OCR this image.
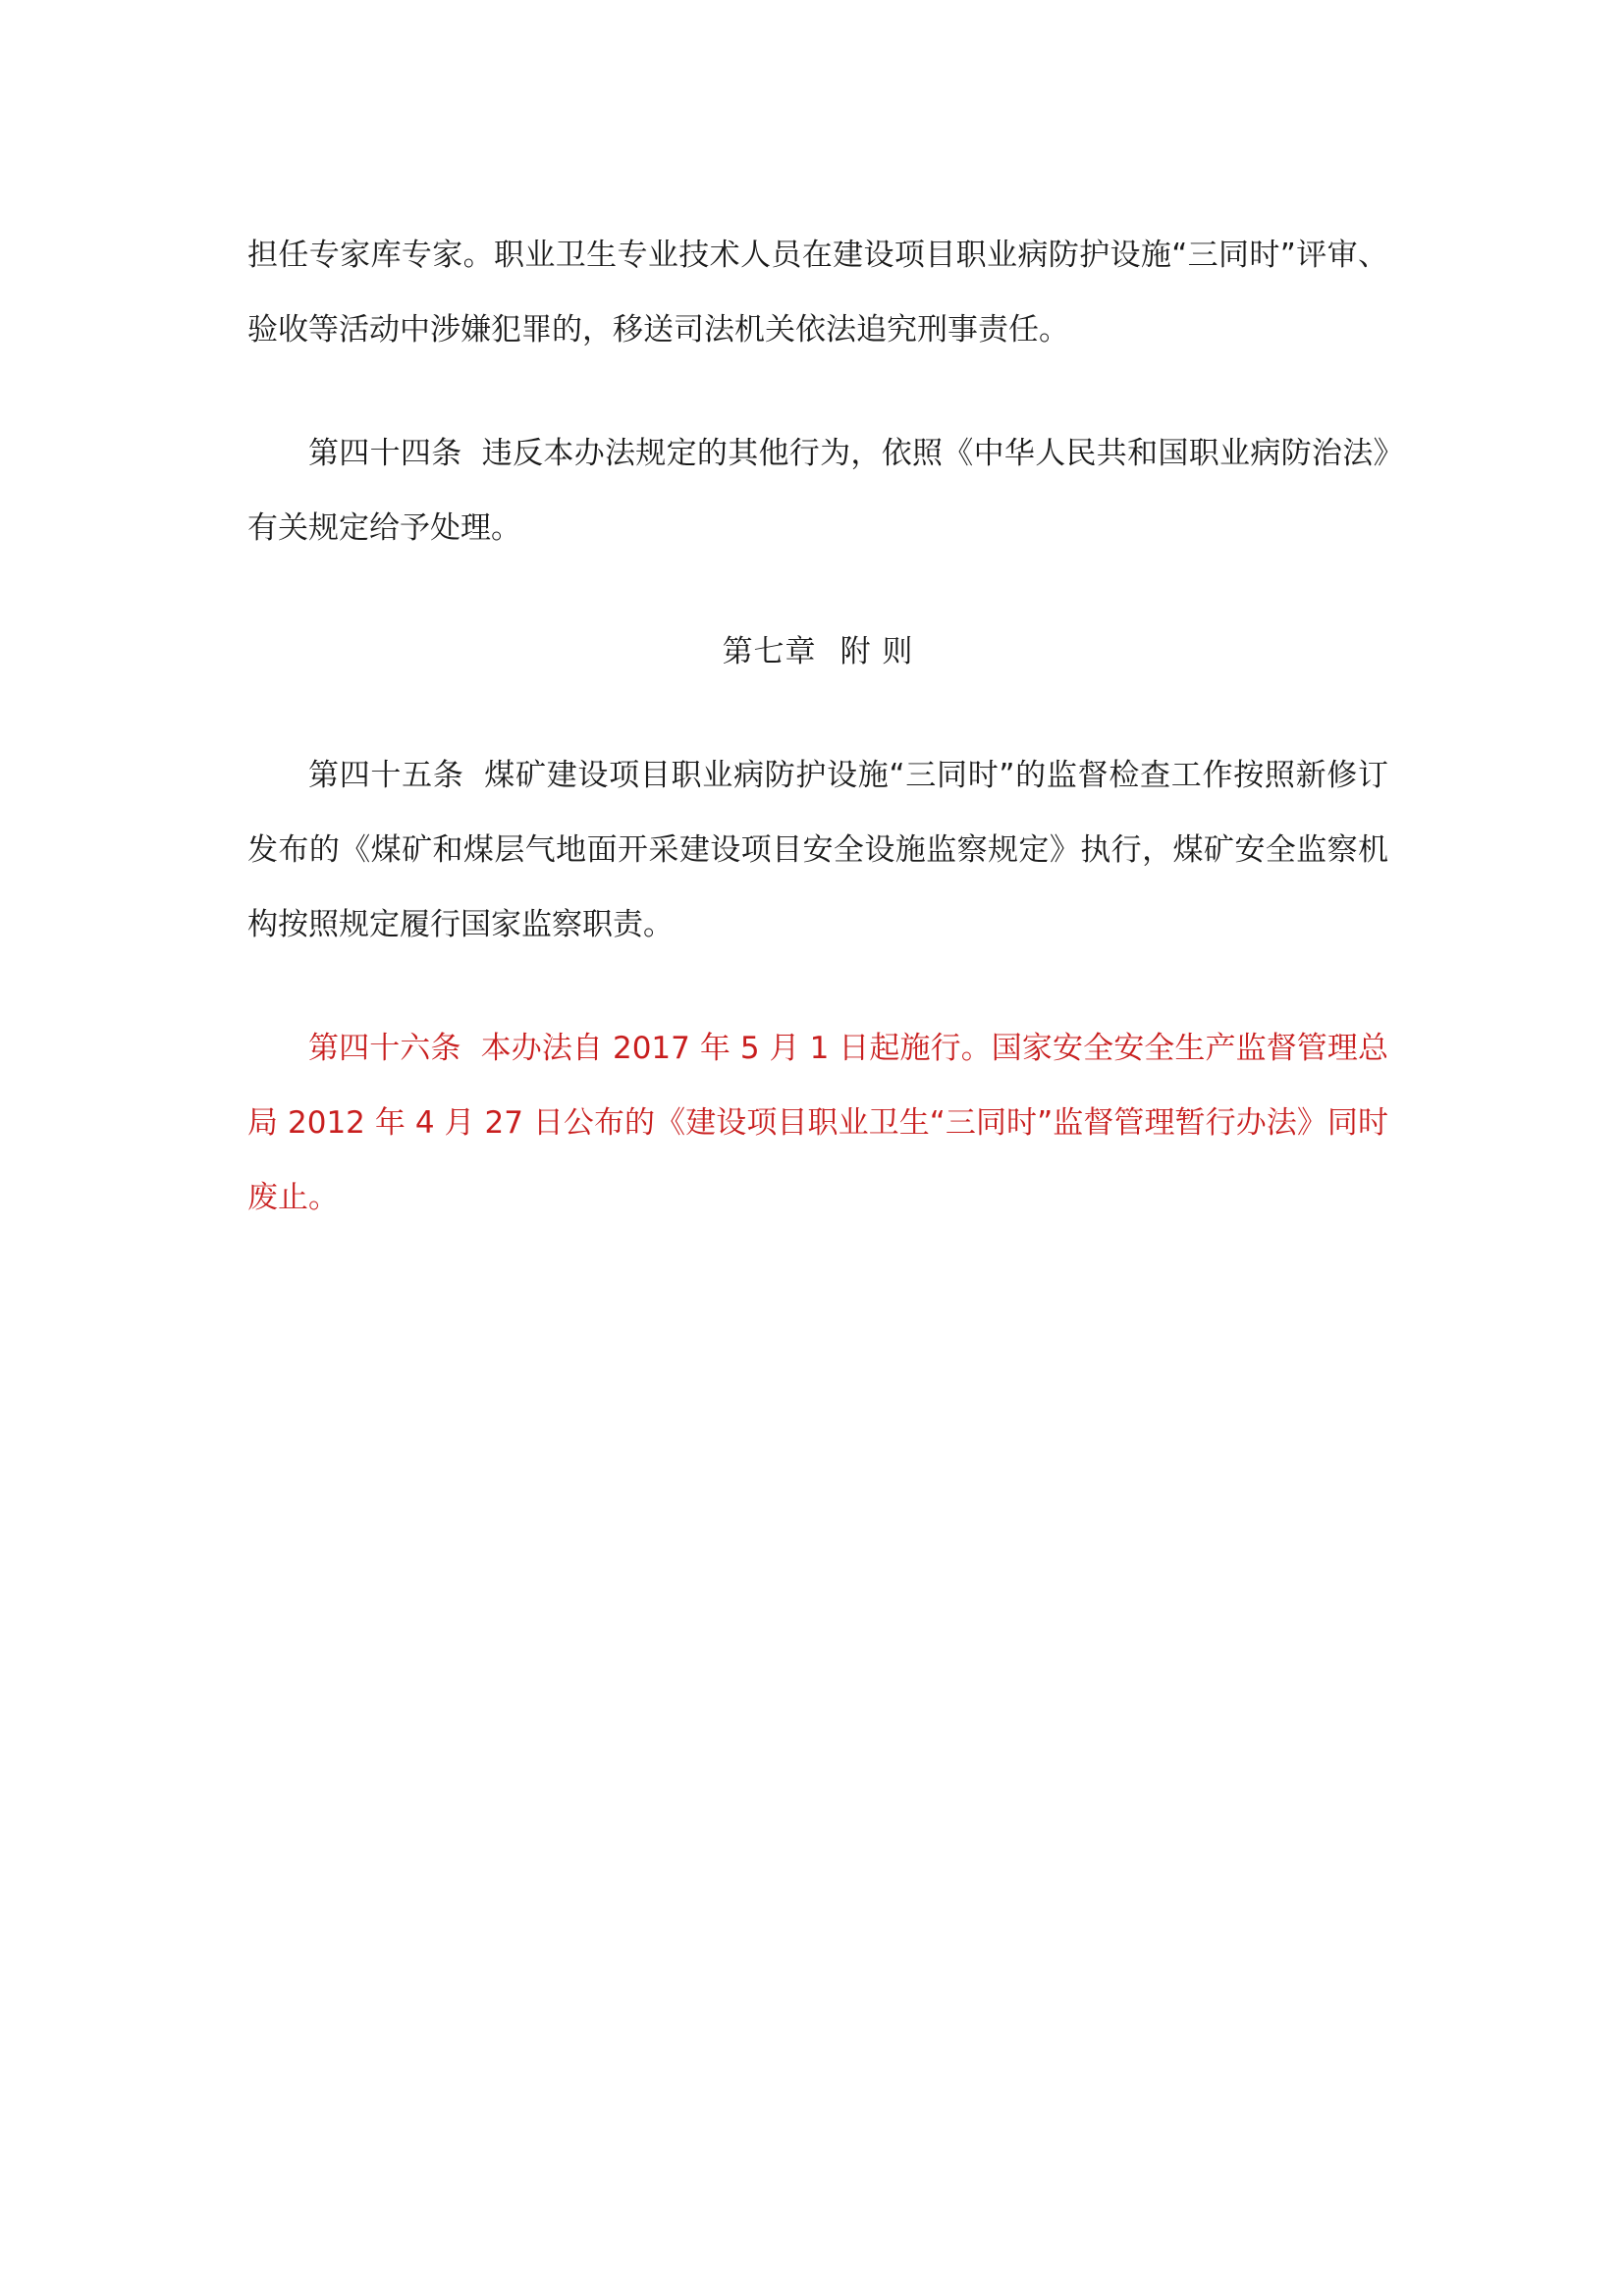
担任专家库专家。职业卫生专业技术人员在建设项目职业病防护设施“三同时”评审、验收等活动中涉嫌犯罪的，移送司法机关依法追究刑事责任。

第四十四条 违反本办法规定的其他行为，依照《中华人民共和国职业病防治法》有关规定给予处理。

第七章 附 则

第四十五条 煤矿建设项目职业病防护设施“三同时”的监督检查工作按照新修订发布的《煤矿和煤层气地面开采建设项目安全设施监察规定》执行，煤矿安全监察机构按照规定履行国家监察职责。

第四十六条 本办法自 2017 年 5 月 1 日起施行。国家安全安全生产监督管理总局 2012 年 4 月 27 日公布的《建设项目职业卫生“三同时”监督管理暂行办法》同时废止。
